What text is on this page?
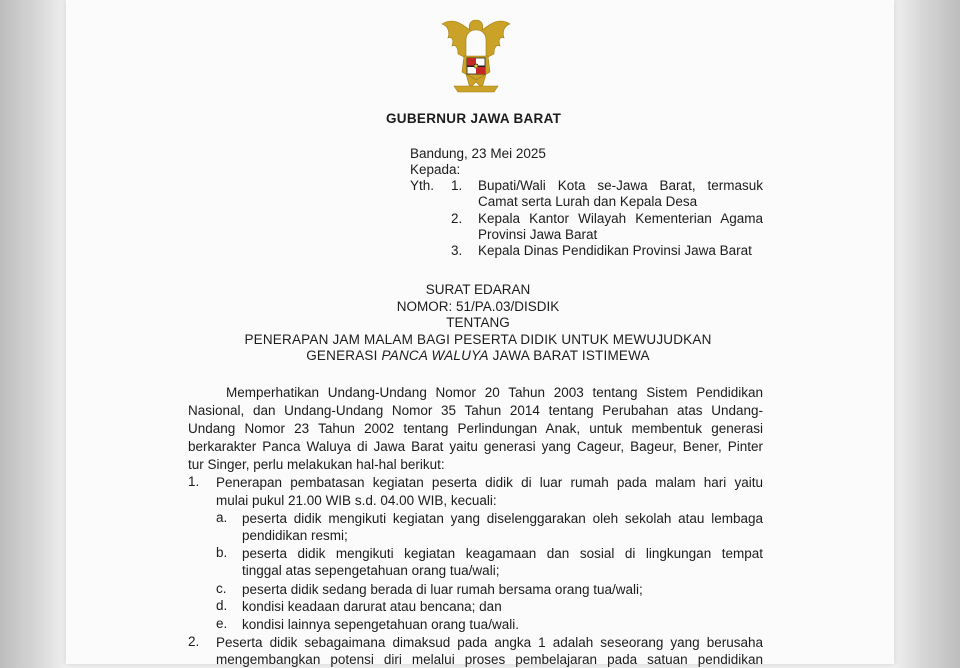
GUBERNUR JAWA BARAT
Bandung, 23 Mei 2025
Kepada:
Yth. 1. Bupati/Wali Kota se-Jawa Barat, termasuk
Camat serta Lurah dan Kepala Desa
2. Kepala Kantor Wilayah Kementerian Agama
Provinsi Jawa Barat
3. Kepala Dinas Pendidikan Provinsi Jawa Barat
SURAT EDARAN
NOMOR: 51/PA.03/DISDIK
TENTANG
PENERAPAN JAM MALAM BAGI PESERTA DIDIK UNTUK MEWUJUDKAN
GENERASI PANCA WALUYA JAWA BARAT ISTIMEWA
Memperhatikan Undang-Undang Nomor 20 Tahun 2003 tentang Sistem Pendidikan
Nasional, dan Undang-Undang Nomor 35 Tahun 2014 tentang Perubahan atas Undang-
Undang Nomor 23 Tahun 2002 tentang Perlindungan Anak, untuk membentuk generasi
berkarakter Panca Waluya di Jawa Barat yaitu generasi yang Cageur, Bageur, Bener, Pinter
tur Singer, perlu melakukan hal-hal berikut:
1. Penerapan pembatasan kegiatan peserta didik di luar rumah pada malam hari yaitu
mulai pukul 21.00 WIB s.d. 04.00 WIB, kecuali:
a. peserta didik mengikuti kegiatan yang diselenggarakan oleh sekolah atau lembaga
pendidikan resmi;
b. peserta didik mengikuti kegiatan keagamaan dan sosial di lingkungan tempat
tinggal atas sepengetahuan orang tua/wali;
c. peserta didik sedang berada di luar rumah bersama orang tua/wali;
d. kondisi keadaan darurat atau bencana; dan
e. kondisi lainnya sepengetahuan orang tua/wali.
2. Peserta didik sebagaimana dimaksud pada angka 1 adalah seseorang yang berusaha
mengembangkan potensi diri melalui proses pembelajaran pada satuan pendidikan
